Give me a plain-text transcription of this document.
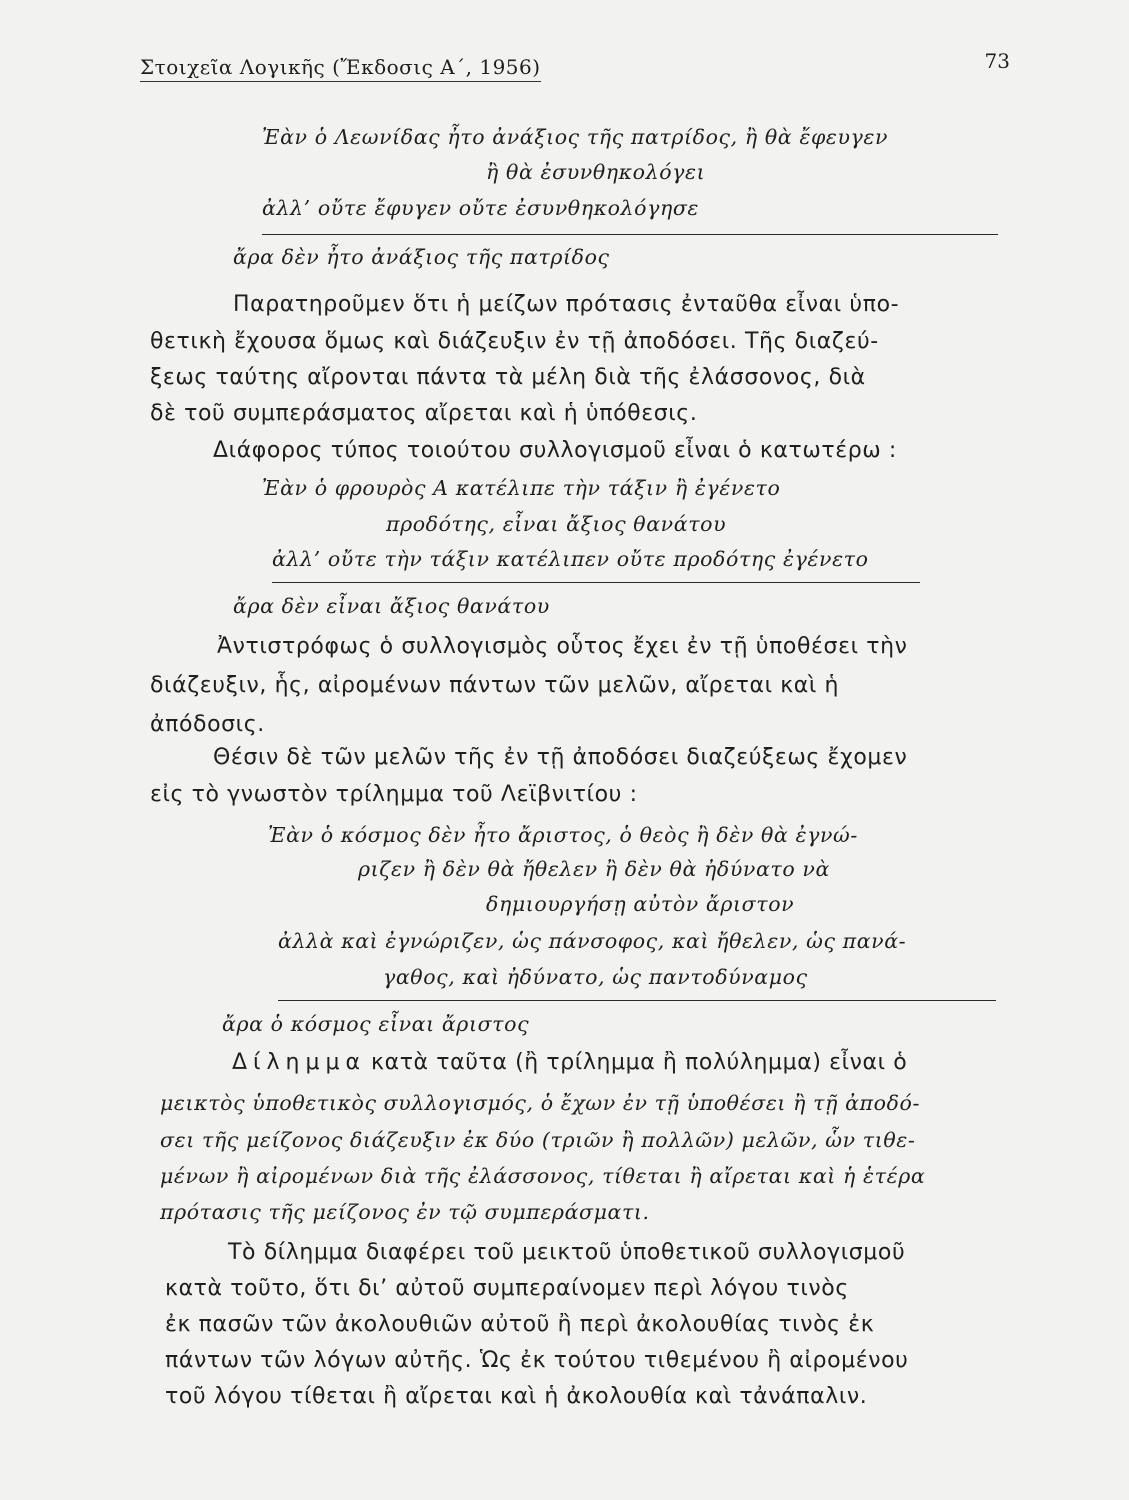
Στοιχεῖα Λογικῆς (Ἔκδοσις Α΄, 1956)	73
Ἐὰν ὁ Λεωνίδας ἦτο ἀνάξιος τῆς πατρίδος, ἢ θὰ ἔφευγεν
ἢ θὰ ἐσυνθηκολόγει
ἀλλ’ οὔτε ἔφυγεν οὔτε ἐσυνθηκολόγησε
ἄρα δὲν ἦτο ἀνάξιος τῆς πατρίδος
Παρατηροῦμεν ὅτι ἡ μείζων πρότασις ἐνταῦθα εἶναι ὑπο-
θετικὴ ἔχουσα ὅμως καὶ διάζευξιν ἐν τῇ ἀποδόσει. Τῆς διαζεύ-
ξεως ταύτης αἴρονται πάντα τὰ μέλη διὰ τῆς ἐλάσσονος, διὰ
δὲ τοῦ συμπεράσματος αἴρεται καὶ ἡ ὑπόθεσις.
Διάφορος τύπος τοιούτου συλλογισμοῦ εἶναι ὁ κατωτέρω :
Ἐὰν ὁ φρουρὸς Α κατέλιπε τὴν τάξιν ἢ ἐγένετο
προδότης, εἶναι ἄξιος θανάτου
ἀλλ’ οὔτε τὴν τάξιν κατέλιπεν οὔτε προδότης ἐγένετο
ἄρα δὲν εἶναι ἄξιος θανάτου
Ἀντιστρόφως ὁ συλλογισμὸς οὗτος ἔχει ἐν τῇ ὑποθέσει τὴν
διάζευξιν, ἧς, αἰρομένων πάντων τῶν μελῶν, αἴρεται καὶ ἡ
ἀπόδοσις.
Θέσιν δὲ τῶν μελῶν τῆς ἐν τῇ ἀποδόσει διαζεύξεως ἔχομεν
εἰς τὸ γνωστὸν τρίλημμα τοῦ Λεϊβνιτίου :
Ἐὰν ὁ κόσμος δὲν ἦτο ἄριστος, ὁ θεὸς ἢ δὲν θὰ ἐγνώ-
ριζεν ἢ δὲν θὰ ἤθελεν ἢ δὲν θὰ ἠδύνατο νὰ
δημιουργήσῃ αὐτὸν ἄριστον
ἀλλὰ καὶ ἐγνώριζεν, ὡς πάνσοφος, καὶ ἤθελεν, ὡς πανά-
γαθος, καὶ ἠδύνατο, ὡς παντοδύναμος
ἄρα ὁ κόσμος εἶναι ἄριστος
Δίλημμα κατὰ ταῦτα (ἢ τρίλημμα ἢ πολύλημμα) εἶναι ὁ
μεικτὸς ὑποθετικὸς συλλογισμός, ὁ ἔχων ἐν τῇ ὑποθέσει ἢ τῇ ἀποδό-
σει τῆς μείζονος διάζευξιν ἐκ δύο (τριῶν ἢ πολλῶν) μελῶν, ὧν τιθε-
μένων ἢ αἰρομένων διὰ τῆς ἐλάσσονος, τίθεται ἢ αἴρεται καὶ ἡ ἑτέρα
πρότασις τῆς μείζονος ἐν τῷ συμπεράσματι.
Τὸ δίλημμα διαφέρει τοῦ μεικτοῦ ὑποθετικοῦ συλλογισμοῦ
κατὰ τοῦτο, ὅτι δι’ αὐτοῦ συμπεραίνομεν περὶ λόγου τινὸς
ἐκ πασῶν τῶν ἀκολουθιῶν αὐτοῦ ἢ περὶ ἀκολουθίας τινὸς ἐκ
πάντων τῶν λόγων αὐτῆς. Ὡς ἐκ τούτου τιθεμένου ἢ αἰρομένου
τοῦ λόγου τίθεται ἢ αἴρεται καὶ ἡ ἀκολουθία καὶ τἀνάπαλιν.
